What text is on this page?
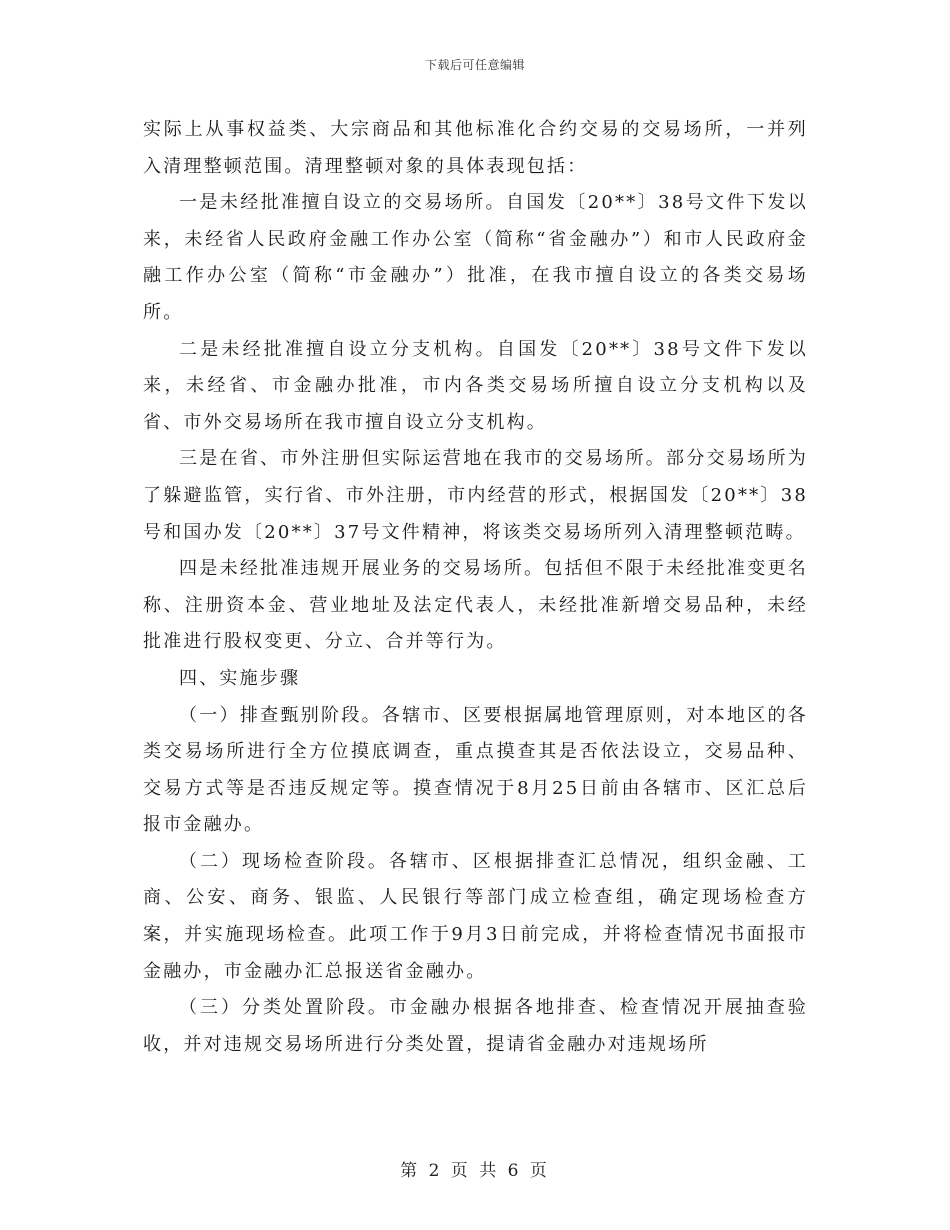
下载后可任意编辑

实际上从事权益类、大宗商品和其他标准化合约交易的交易场所，一并列入清理整顿范围。清理整顿对象的具体表现包括：

一是未经批准擅自设立的交易场所。自国发〔20**〕38号文件下发以来，未经省人民政府金融工作办公室（简称“省金融办”）和市人民政府金融工作办公室（简称“市金融办”）批准，在我市擅自设立的各类交易场所。

二是未经批准擅自设立分支机构。自国发〔20**〕38号文件下发以来，未经省、市金融办批准，市内各类交易场所擅自设立分支机构以及省、市外交易场所在我市擅自设立分支机构。

三是在省、市外注册但实际运营地在我市的交易场所。部分交易场所为了躲避监管，实行省、市外注册，市内经营的形式，根据国发〔20**〕38号和国办发〔20**〕37号文件精神，将该类交易场所列入清理整顿范畴。

四是未经批准违规开展业务的交易场所。包括但不限于未经批准变更名称、注册资本金、营业地址及法定代表人，未经批准新增交易品种，未经批准进行股权变更、分立、合并等行为。

四、实施步骤

（一）排查甄别阶段。各辖市、区要根据属地管理原则，对本地区的各类交易场所进行全方位摸底调查，重点摸查其是否依法设立，交易品种、交易方式等是否违反规定等。摸查情况于8月25日前由各辖市、区汇总后报市金融办。

（二）现场检查阶段。各辖市、区根据排查汇总情况，组织金融、工商、公安、商务、银监、人民银行等部门成立检查组，确定现场检查方案，并实施现场检查。此项工作于9月3日前完成，并将检查情况书面报市金融办，市金融办汇总报送省金融办。

（三）分类处置阶段。市金融办根据各地排查、检查情况开展抽查验收，并对违规交易场所进行分类处置，提请省金融办对违规场所

第 2 页 共 6 页
